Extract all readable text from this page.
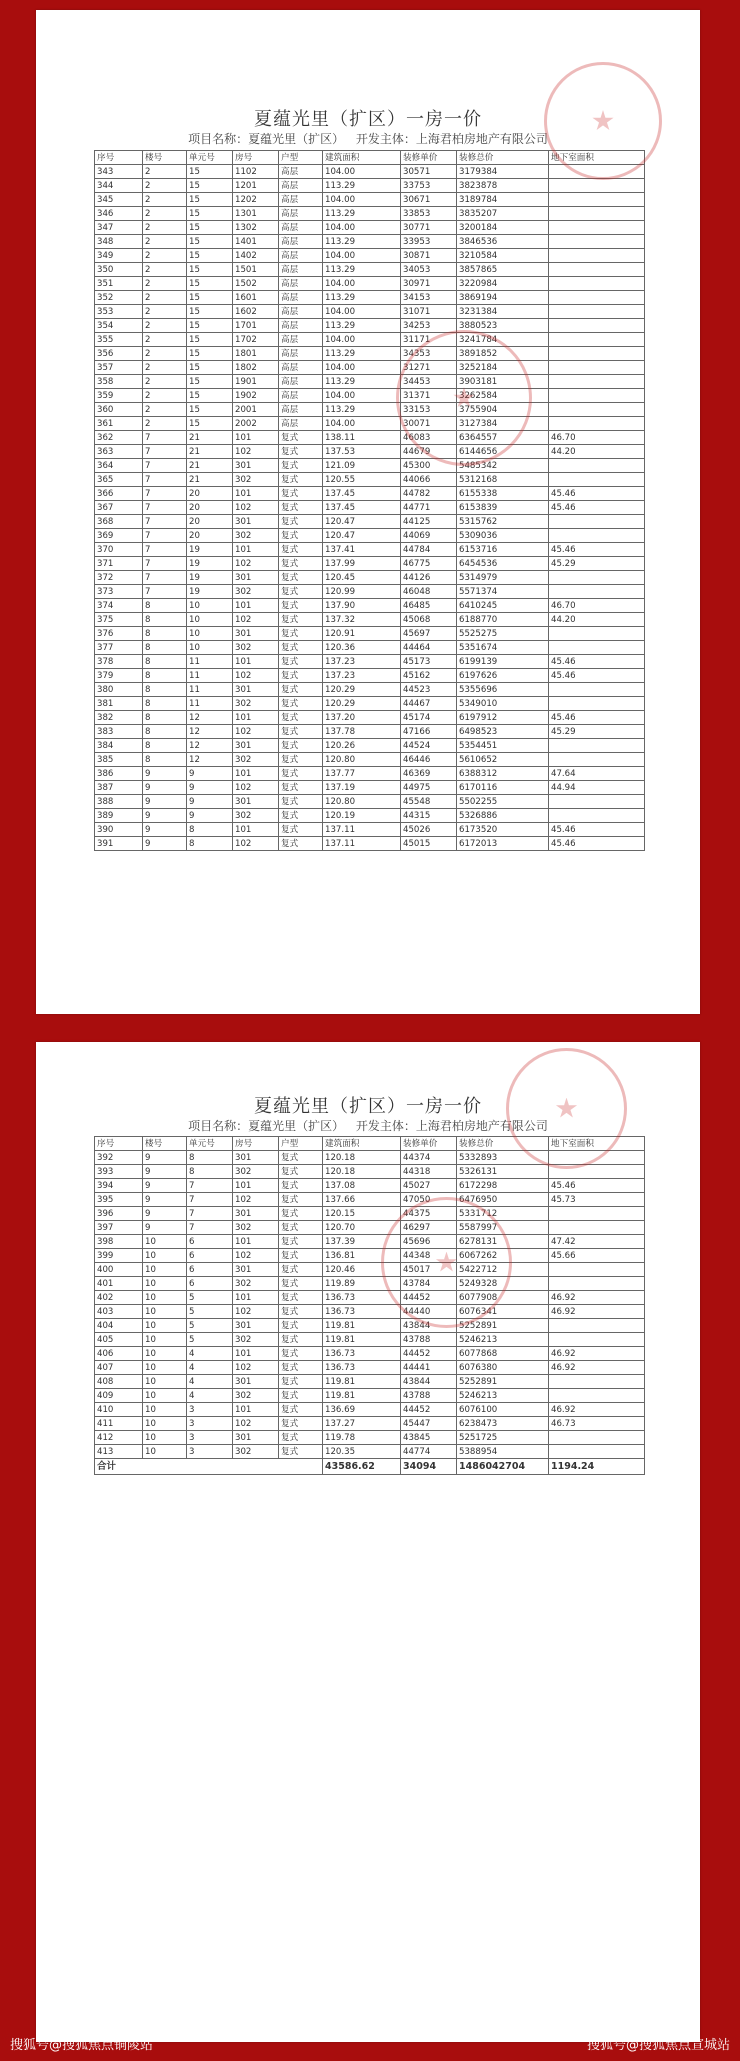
夏蕴光里（扩区）一房一价
项目名称：夏蕴光里（扩区） 开发主体：上海君柏房地产有限公司
序号	楼号	单元号	房号	户型	建筑面积	装修单价	装修总价	地下室面积
343	2	15	1102	高层	104.00	30571	3179384	
344	2	15	1201	高层	113.29	33753	3823878	
345	2	15	1202	高层	104.00	30671	3189784	
346	2	15	1301	高层	113.29	33853	3835207	
347	2	15	1302	高层	104.00	30771	3200184	
348	2	15	1401	高层	113.29	33953	3846536	
349	2	15	1402	高层	104.00	30871	3210584	
350	2	15	1501	高层	113.29	34053	3857865	
351	2	15	1502	高层	104.00	30971	3220984	
352	2	15	1601	高层	113.29	34153	3869194	
353	2	15	1602	高层	104.00	31071	3231384	
354	2	15	1701	高层	113.29	34253	3880523	
355	2	15	1702	高层	104.00	31171	3241784	
356	2	15	1801	高层	113.29	34353	3891852	
357	2	15	1802	高层	104.00	31271	3252184	
358	2	15	1901	高层	113.29	34453	3903181	
359	2	15	1902	高层	104.00	31371	3262584	
360	2	15	2001	高层	113.29	33153	3755904	
361	2	15	2002	高层	104.00	30071	3127384	
362	7	21	101	复式	138.11	46083	6364557	46.70
363	7	21	102	复式	137.53	44679	6144656	44.20
364	7	21	301	复式	121.09	45300	5485342	
365	7	21	302	复式	120.55	44066	5312168	
366	7	20	101	复式	137.45	44782	6155338	45.46
367	7	20	102	复式	137.45	44771	6153839	45.46
368	7	20	301	复式	120.47	44125	5315762	
369	7	20	302	复式	120.47	44069	5309036	
370	7	19	101	复式	137.41	44784	6153716	45.46
371	7	19	102	复式	137.99	46775	6454536	45.29
372	7	19	301	复式	120.45	44126	5314979	
373	7	19	302	复式	120.99	46048	5571374	
374	8	10	101	复式	137.90	46485	6410245	46.70
375	8	10	102	复式	137.32	45068	6188770	44.20
376	8	10	301	复式	120.91	45697	5525275	
377	8	10	302	复式	120.36	44464	5351674	
378	8	11	101	复式	137.23	45173	6199139	45.46
379	8	11	102	复式	137.23	45162	6197626	45.46
380	8	11	301	复式	120.29	44523	5355696	
381	8	11	302	复式	120.29	44467	5349010	
382	8	12	101	复式	137.20	45174	6197912	45.46
383	8	12	102	复式	137.78	47166	6498523	45.29
384	8	12	301	复式	120.26	44524	5354451	
385	8	12	302	复式	120.80	46446	5610652	
386	9	9	101	复式	137.77	46369	6388312	47.64
387	9	9	102	复式	137.19	44975	6170116	44.94
388	9	9	301	复式	120.80	45548	5502255	
389	9	9	302	复式	120.19	44315	5326886	
390	9	8	101	复式	137.11	45026	6173520	45.46
391	9	8	102	复式	137.11	45015	6172013	45.46
夏蕴光里（扩区）一房一价
项目名称：夏蕴光里（扩区） 开发主体：上海君柏房地产有限公司
序号	楼号	单元号	房号	户型	建筑面积	装修单价	装修总价	地下室面积
392	9	8	301	复式	120.18	44374	5332893	
393	9	8	302	复式	120.18	44318	5326131	
394	9	7	101	复式	137.08	45027	6172298	45.46
395	9	7	102	复式	137.66	47050	6476950	45.73
396	9	7	301	复式	120.15	44375	5331712	
397	9	7	302	复式	120.70	46297	5587997	
398	10	6	101	复式	137.39	45696	6278131	47.42
399	10	6	102	复式	136.81	44348	6067262	45.66
400	10	6	301	复式	120.46	45017	5422712	
401	10	6	302	复式	119.89	43784	5249328	
402	10	5	101	复式	136.73	44452	6077908	46.92
403	10	5	102	复式	136.73	44440	6076341	46.92
404	10	5	301	复式	119.81	43844	5252891	
405	10	5	302	复式	119.81	43788	5246213	
406	10	4	101	复式	136.73	44452	6077868	46.92
407	10	4	102	复式	136.73	44441	6076380	46.92
408	10	4	301	复式	119.81	43844	5252891	
409	10	4	302	复式	119.81	43788	5246213	
410	10	3	101	复式	136.69	44452	6076100	46.92
411	10	3	102	复式	137.27	45447	6238473	46.73
412	10	3	301	复式	119.78	43845	5251725	
413	10	3	302	复式	120.35	44774	5388954	
合计					43586.62	34094	1486042704	1194.24
搜狐号@搜狐焦点铜陵站	搜狐号@搜狐焦点宣城站
